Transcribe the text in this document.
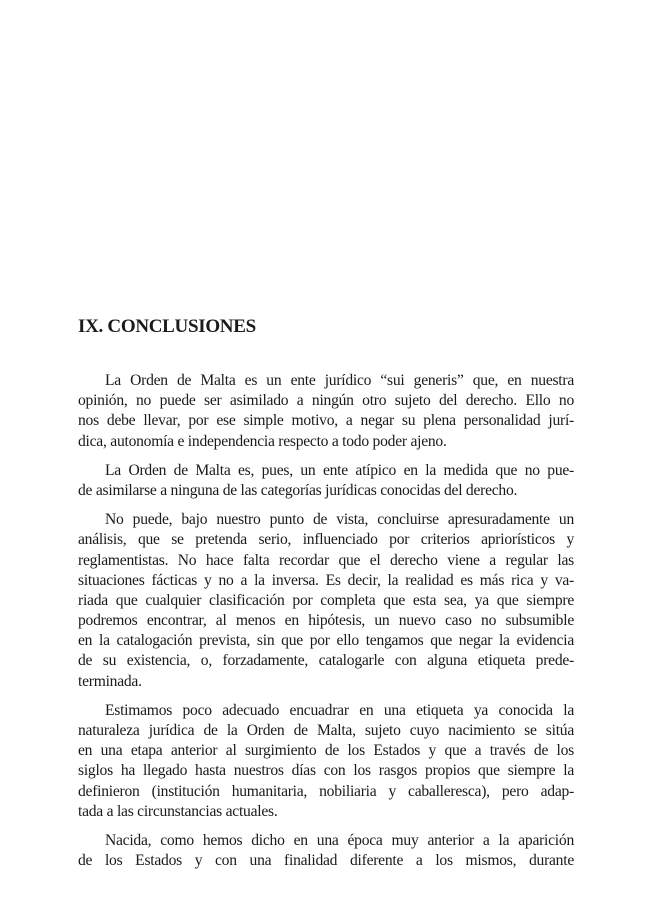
IX. CONCLUSIONES
La Orden de Malta es un ente jurídico “sui generis” que, en nuestra
opinión, no puede ser asimilado a ningún otro sujeto del derecho. Ello no
nos debe llevar, por ese simple motivo, a negar su plena personalidad jurí-
dica, autonomía e independencia respecto a todo poder ajeno.
La Orden de Malta es, pues, un ente atípico en la medida que no pue-
de asimilarse a ninguna de las categorías jurídicas conocidas del derecho.
No puede, bajo nuestro punto de vista, concluirse apresuradamente un
análisis, que se pretenda serio, influenciado por criterios apriorísticos y
reglamentistas. No hace falta recordar que el derecho viene a regular las
situaciones fácticas y no a la inversa. Es decir, la realidad es más rica y va-
riada que cualquier clasificación por completa que esta sea, ya que siempre
podremos encontrar, al menos en hipótesis, un nuevo caso no subsumible
en la catalogación prevista, sin que por ello tengamos que negar la evidencia
de su existencia, o, forzadamente, catalogarle con alguna etiqueta prede-
terminada.
Estimamos poco adecuado encuadrar en una etiqueta ya conocida la
naturaleza jurídica de la Orden de Malta, sujeto cuyo nacimiento se sitúa
en una etapa anterior al surgimiento de los Estados y que a través de los
siglos ha llegado hasta nuestros días con los rasgos propios que siempre la
definieron (institución humanitaria, nobiliaria y caballeresca), pero adap-
tada a las circunstancias actuales.
Nacida, como hemos dicho en una época muy anterior a la aparición
de los Estados y con una finalidad diferente a los mismos, durante
